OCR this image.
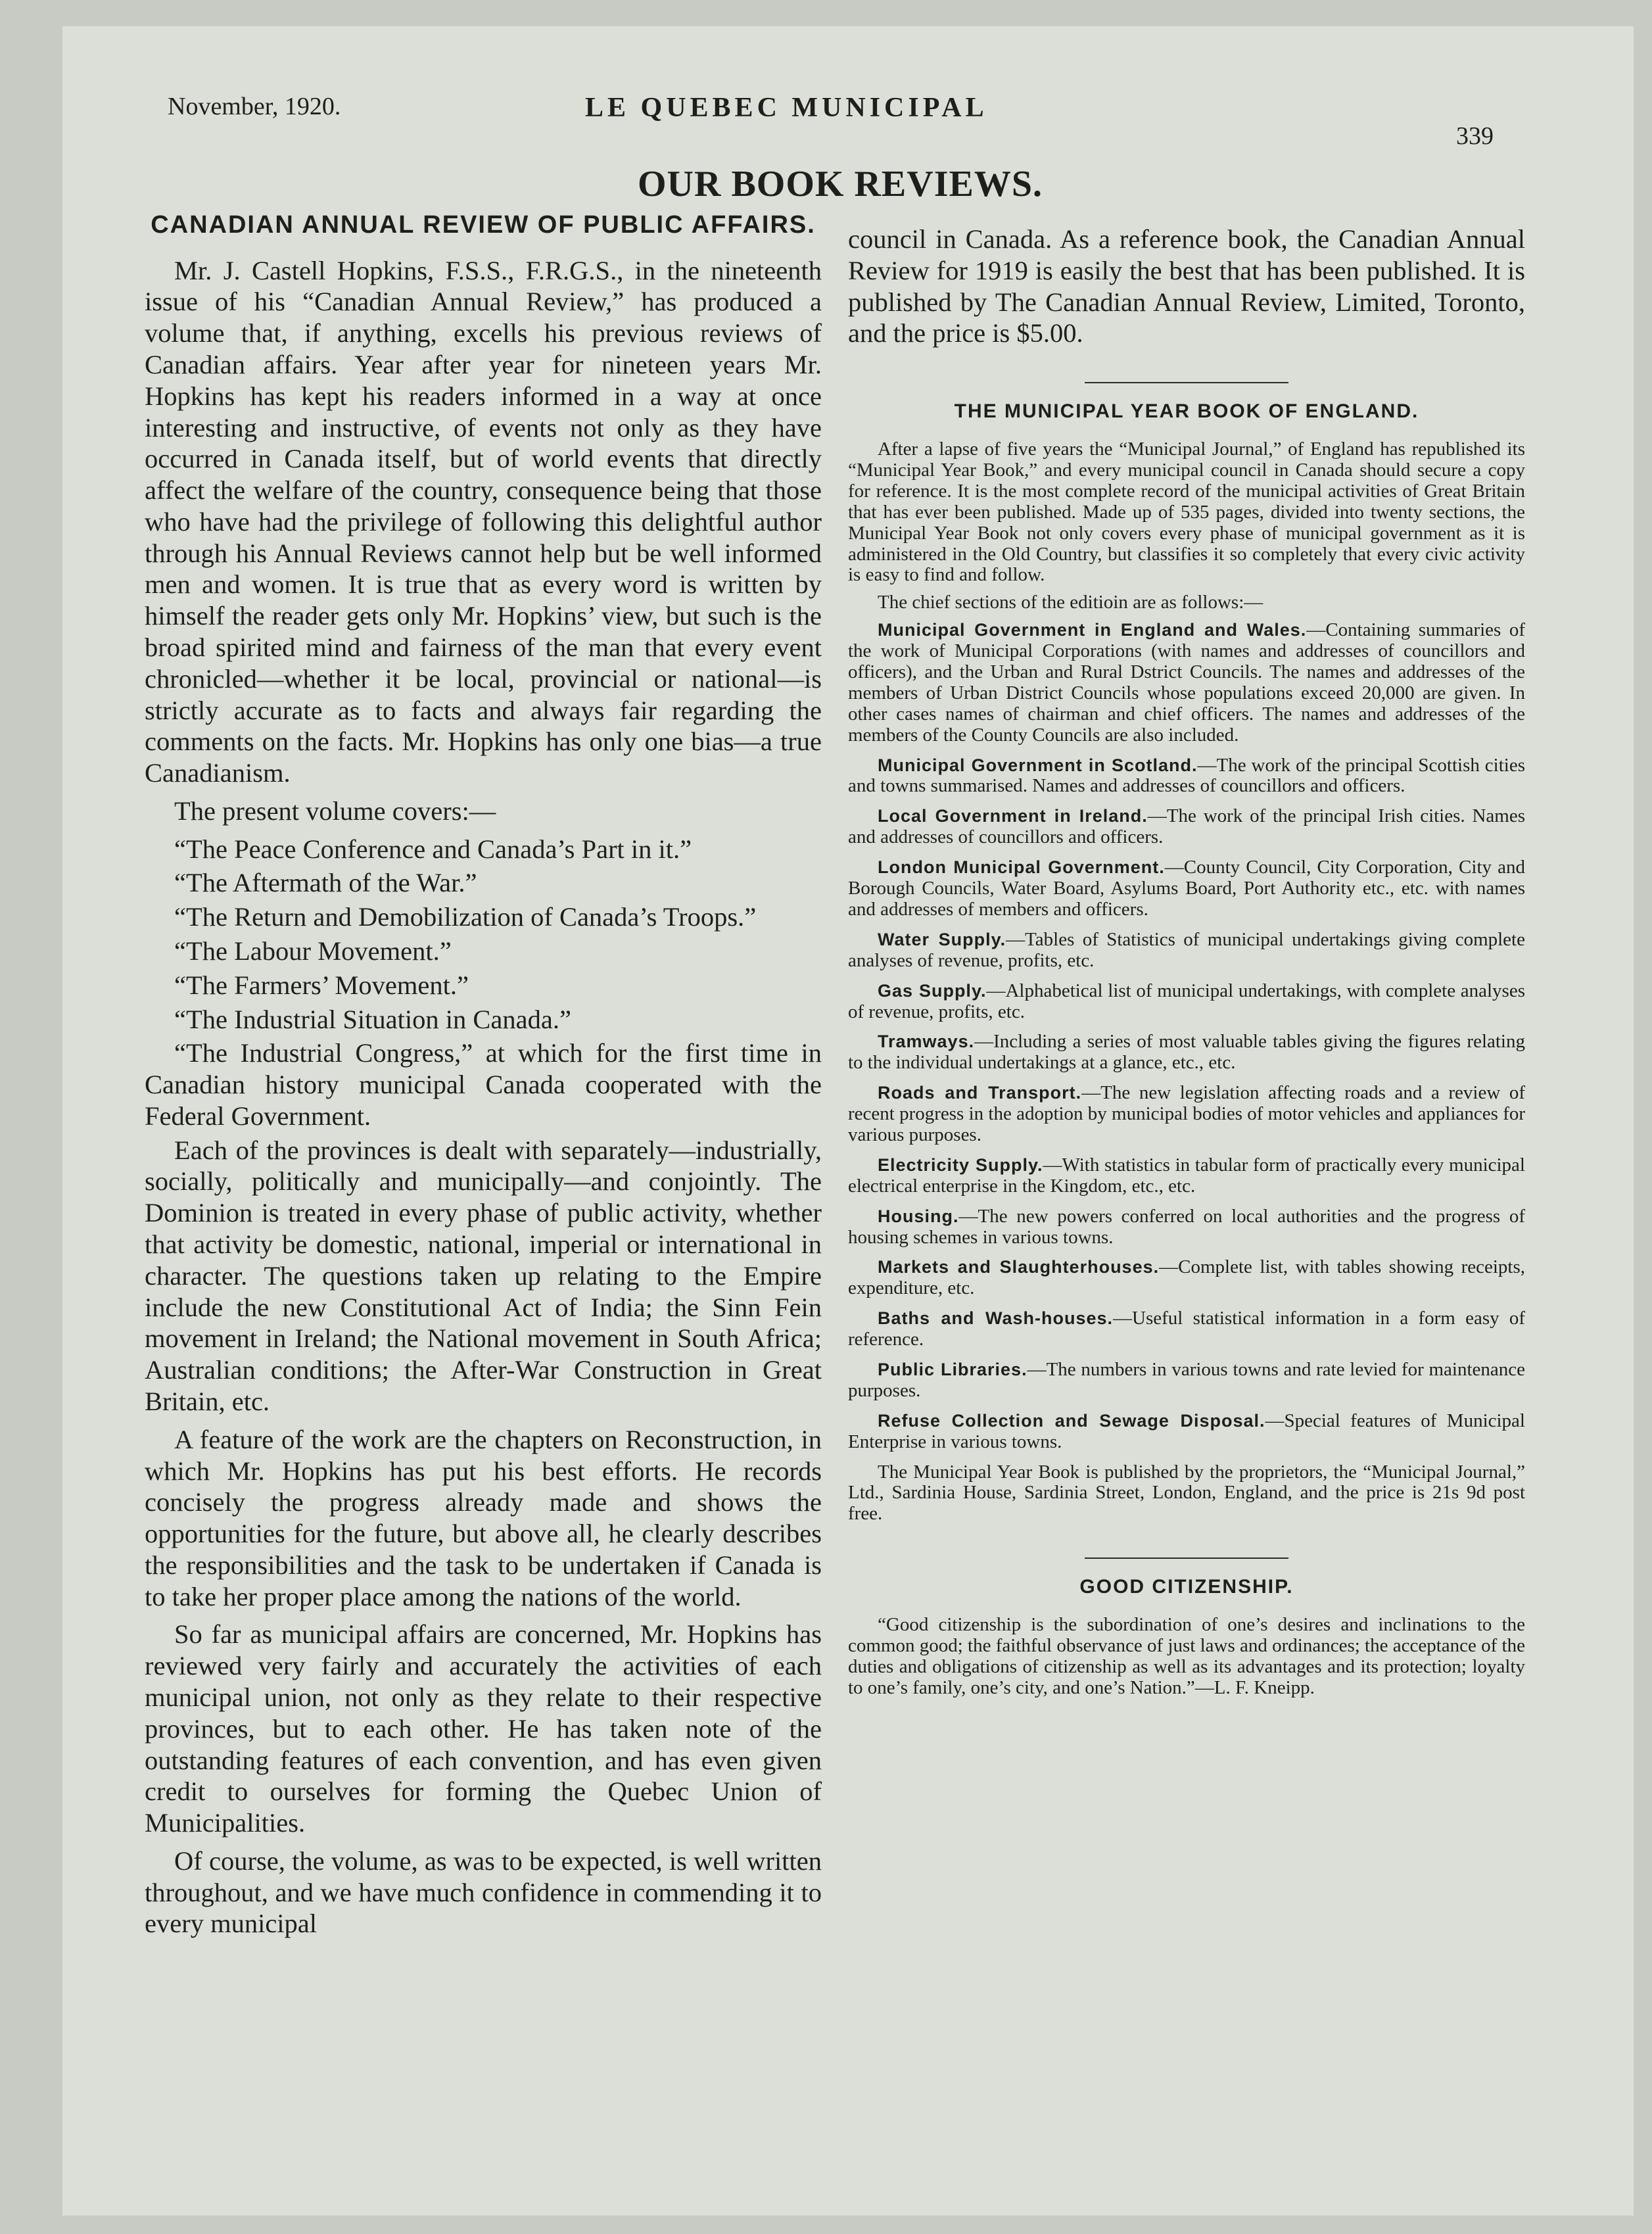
November, 1920.	LE QUEBEC MUNICIPAL
339
OUR BOOK REVIEWS.
CANADIAN ANNUAL REVIEW OF PUBLIC AFFAIRS.

Mr. J. Castell Hopkins, F.S.S., F.R.G.S., in the nineteenth issue of his “Canadian Annual Review,” has produced a volume that, if anything, excells his previous reviews of Canadian affairs. Year after year for nineteen years Mr. Hopkins has kept his readers informed in a way at once interesting and instructive, of events not only as they have occurred in Canada itself, but of world events that directly affect the welfare of the country, consequence being that those who have had the privilege of following this delightful author through his Annual Reviews cannot help but be well informed men and women. It is true that as every word is written by himself the reader gets only Mr. Hopkins’ view, but such is the broad spirited mind and fairness of the man that every event chronicled—whether it be local, provincial or national—is strictly accurate as to facts and always fair regarding the comments on the facts. Mr. Hopkins has only one bias—a true Canadianism.

The present volume covers:—

“The Peace Conference and Canada’s Part in it.”

“The Aftermath of the War.”

“The Return and Demobilization of Canada’s Troops.”

“The Labour Movement.”

“The Farmers’ Movement.”

“The Industrial Situation in Canada.”

“The Industrial Congress,” at which for the first time in Canadian history municipal Canada cooperated with the Federal Government.

Each of the provinces is dealt with separately—industrially, socially, politically and municipally—and conjointly. The Dominion is treated in every phase of public activity, whether that activity be domestic, national, imperial or international in character. The questions taken up relating to the Empire include the new Constitutional Act of India; the Sinn Fein movement in Ireland; the National movement in South Africa; Australian conditions; the After-War Construction in Great Britain, etc.

A feature of the work are the chapters on Reconstruction, in which Mr. Hopkins has put his best efforts. He records concisely the progress already made and shows the opportunities for the future, but above all, he clearly describes the responsibilities and the task to be undertaken if Canada is to take her proper place among the nations of the world.

So far as municipal affairs are concerned, Mr. Hopkins has reviewed very fairly and accurately the activities of each municipal union, not only as they relate to their respective provinces, but to each other. He has taken note of the outstanding features of each convention, and has even given credit to ourselves for forming the Quebec Union of Municipalities.

Of course, the volume, as was to be expected, is well written throughout, and we have much confidence in commending it to every municipal

council in Canada. As a reference book, the Canadian Annual Review for 1919 is easily the best that has been published. It is published by The Canadian Annual Review, Limited, Toronto, and the price is $5.00.

THE MUNICIPAL YEAR BOOK OF ENGLAND.

After a lapse of five years the “Municipal Journal,” of England has republished its “Municipal Year Book,” and every municipal council in Canada should secure a copy for reference. It is the most complete record of the municipal activities of Great Britain that has ever been published. Made up of 535 pages, divided into twenty sections, the Municipal Year Book not only covers every phase of municipal government as it is administered in the Old Country, but classifies it so completely that every civic activity is easy to find and follow.

The chief sections of the editioin are as follows:—

Municipal Government in England and Wales.—Containing summaries of the work of Municipal Corporations (with names and addresses of councillors and officers), and the Urban and Rural Dstrict Councils. The names and addresses of the members of Urban District Councils whose populations exceed 20,000 are given. In other cases names of chairman and chief officers. The names and addresses of the members of the County Councils are also included.

Municipal Government in Scotland.—The work of the principal Scottish cities and towns summarised. Names and addresses of councillors and officers.

Local Government in Ireland.—The work of the principal Irish cities. Names and addresses of councillors and officers.

London Municipal Government.—County Council, City Corporation, City and Borough Councils, Water Board, Asylums Board, Port Authority etc., etc. with names and addresses of members and officers.

Water Supply.—Tables of Statistics of municipal undertakings giving complete analyses of revenue, profits, etc.

Gas Supply.—Alphabetical list of municipal undertakings, with complete analyses of revenue, profits, etc.

Tramways.—Including a series of most valuable tables giving the figures relating to the individual undertakings at a glance, etc., etc.

Roads and Transport.—The new legislation affecting roads and a review of recent progress in the adoption by municipal bodies of motor vehicles and appliances for various purposes.

Electricity Supply.—With statistics in tabular form of practically every municipal electrical enterprise in the Kingdom, etc., etc.

Housing.—The new powers conferred on local authorities and the progress of housing schemes in various towns.

Markets and Slaughterhouses.—Complete list, with tables showing receipts, expenditure, etc.

Baths and Wash-houses.—Useful statistical information in a form easy of reference.

Public Libraries.—The numbers in various towns and rate levied for maintenance purposes.

Refuse Collection and Sewage Disposal.—Special features of Municipal Enterprise in various towns.

The Municipal Year Book is published by the proprietors, the “Municipal Journal,” Ltd., Sardinia House, Sardinia Street, London, England, and the price is 21s 9d post free.

GOOD CITIZENSHIP.

“Good citizenship is the subordination of one’s desires and inclinations to the common good; the faithful observance of just laws and ordinances; the acceptance of the duties and obligations of citizenship as well as its advantages and its protection; loyalty to one’s family, one’s city, and one’s Nation.”—L. F. Kneipp.
